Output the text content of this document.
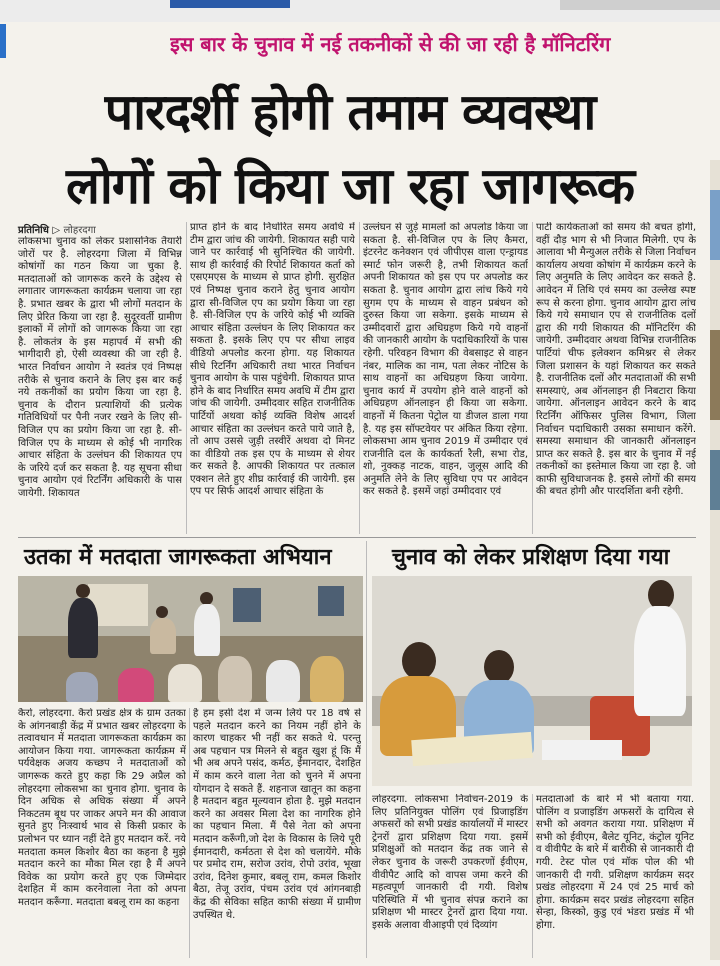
इस बार के चुनाव में नई तकनीकों से की जा रही है मॉनिटरिंग
पारदर्शी होगी तमाम व्यवस्था
लोगों को किया जा रहा जागरूक
प्रतिनिधि ▷ लोहरदगा
लोकसभा चुनाव को लेकर प्रशासनिक तैयारी जोरों पर है. लोहरदगा जिला में विभिन्न कोषांगों का गठन किया जा चुका है. मतदाताओं को जागरूक करने के उद्देश्य से लगातार जागरूकता कार्यक्रम चलाया जा रहा है. प्रभात खबर के द्वारा भी लोगों मतदान के लिए प्रेरित किया जा रहा है. सुदूरवर्ती ग्रामीण इलाकों में लोगों को जागरूक किया जा रहा है. लोकतंत्र के इस महापर्व में सभी की भागीदारी हो, ऐसी व्यवस्था की जा रही है. भारत निर्वाचन आयोग ने स्वतंत्र एवं निष्पक्ष तरीके से चुनाव कराने के लिए इस बार कई नये तकनीकों का प्रयोग किया जा रहा है. चुनाव के दौरान प्रत्याशियों की प्रत्येक गतिविधियों पर पैनी नजर रखने के लिए सी-विजिल एप का प्रयोग किया जा रहा है. सी-विजिल एप के माध्यम से कोई भी नागरिक आचार संहिता के उल्लंघन की शिकायत एप के जरिये दर्ज कर सकता है. यह सूचना सीधा चुनाव आयोग एवं रिटर्निंग अधिकारी के पास जायेगी. शिकायत
प्राप्त होने के बाद निर्धारित समय अवधि में टीम द्वारा जांच की जायेगी. शिकायत सही पाये जाने पर कार्रवाई भी सुनिश्चित की जायेगी. साथ ही कार्रवाई की रिपोर्ट शिकायत कर्ता को एसएमएस के माध्यम से प्राप्त होगी. सुरक्षित एवं निष्पक्ष चुनाव कराने हेतु चुनाव आयोग द्वारा सी-विजिल एप का प्रयोग किया जा रहा है. सी-विजिल एप के जरिये कोई भी व्यक्ति आचार संहिता उल्लंघन के लिए शिकायत कर सकता है. इसके लिए एप पर सीधा लाइव वीडियो अपलोड करना होगा. यह शिकायत सीधे रिटर्निंग अधिकारी तथा भारत निर्वाचन चुनाव आयोग के पास पहुंचेगी. शिकायत प्राप्त होने के बाद निर्धारित समय अवधि में टीम द्वारा जांच की जायेगी. उम्मीदवार सहित राजनीतिक पार्टियों अथवा कोई व्यक्ति विशेष आदर्श आचार संहिता का उल्लंघन करते पाये जाते है, तो आप उससे जुड़ी तस्वीरें अथवा दो मिनट का वीडियो तक इस एप के माध्यम से शेयर कर सकते है. आपकी शिकायत पर तत्काल एक्शन लेते हुए शीघ्र कार्रवाई की जायेगी. इस एप पर सिर्फ आदर्श आचार संहिता के
उल्लंघन से जुड़े मामलों को अपलोड किया जा सकता है. सी-विजिल एप के लिए कैमरा, इंटरनेट कनेक्शन एवं जीपीएस वाला एन्ड्रायड स्मार्ट फोन जरूरी है, तभी शिकायत कर्ता अपनी शिकायत को इस एप पर अपलोड कर सकता है. चुनाव आयोग द्वारा लांच किये गये सुगम एप के माध्यम से वाहन प्रबंधन को दुरुस्त किया जा सकेगा. इसके माध्यम से उम्मीदवारों द्वारा अधिग्रहण किये गये वाहनों की जानकारी आयोग के पदाधिकारियों के पास रहेगी. परिवहन विभाग की वेबसाइट से वाहन नंबर, मालिक का नाम, पता लेकर नोटिस के साथ वाहनों का अधिग्रहण किया जायेगा. चुनाव कार्य में उपयोग होने वाले वाहनों को अधिग्रहण ऑनलाइन ही किया जा सकेगा. वाहनों में कितना पेट्रोल या डीजल डाला गया है. यह इस सॉफ्टवेयर पर अंकित किया रहेगा. लोकसभा आम चुनाव 2019 में उम्मीदार एवं राजनीति दल के कार्यकर्ता रैली, सभा रोड, शो, नुक्कड़ नाटक, वाहन, जुलूस आदि की अनुमति लेने के लिए सुविधा एप पर आवेदन कर सकते है. इसमें जहां उम्मीदवार एवं
पार्टी कार्यकताओं को समय की बचत होगी, वहीं दौड़ भाग से भी निजात मिलेगी. एप के आलावा भी मैन्युअल तरीके से जिला निर्वाचन कार्यालय अथवा कोषांग में कार्यक्रम करने के लिए अनुमति के लिए आवेदन कर सकते है. आवेदन में तिथि एवं समय का उल्लेख स्पष्ट रूप से करना होगा. चुनाव आयोग द्वारा लांच किये गये समाधान एप से राजनीतिक दलों द्वारा की गयी शिकायत की मॉनिटरिंग की जायेगी. उम्मीदवार अथवा विभिन्न राजनीतिक पार्टियां चीफ इलेक्शन कमिश्नर से लेकर जिला प्रशासन के यहां शिकायत कर सकते है. राजनीतिक दलों और मतदाताओं की सभी समस्याएं, अब ऑनलाइन ही निबटारा किया जायेगा. ऑनलाइन आवेदन करने के बाद रिटर्निंग ऑफिसर पुलिस विभाग, जिला निर्वाचन पदाधिकारी उसका समाधान करेंगे. समस्या समाधान की जानकारी ऑनलाइन प्राप्त कर सकते है. इस बार के चुनाव में नई तकनीकों का इस्तेमाल किया जा रहा है. जो काफी सुविधाजनक है. इससे लोगों की समय की बचत होगी और पारदर्शिता बनी रहेगी.
उतका में मतदाता जागरूकता अभियान
कैरो, लोहरदगा. कैरो प्रखंड क्षेत्र के ग्राम उतका के आंगनबाड़ी केंद्र में प्रभात खबर लोहरदगा के तत्वावधान में मतदाता जागरूकता कार्यक्रम का आयोजन किया गया. जागरूकता कार्यक्रम में पर्यवेक्षक अजय कच्छप ने मतदाताओं को जागरूक करते हुए कहा कि 29 अप्रैल को लोहरदगा लोकसभा का चुनाव होगा. चुनाव के दिन अधिक से अधिक संख्या में अपने निकटतम बूथ पर जाकर अपने मन की आवाज सुनते हुए निःस्वार्थ भाव से किसी प्रकार के प्रलोभन पर ध्यान नहीं देते हुए मतदान करें. नये मतदाता कमल किशोर बैठा का कहना है मुझे मतदान करने का मौका मिल रहा है मैं अपने विवेक का प्रयोग करते हुए एक जिम्मेदार देशहित में काम करनेवाला नेता को अपना मतदान करूँगा. मतदाता बबलू राम का कहना
है हम इसी देश में जन्म लिये पर 18 वर्ष से पहले मतदान करने का नियम नहीं होने के कारण चाहकर भी नहीं कर सकते थे. परन्तु अब पहचान पत्र मिलने से बहुत खुश हूं कि मैं भी अब अपने पसंद, कर्मठ, ईमानदार, देशहित में काम करने वाला नेता को चुनने में अपना योगदान दे सकते हैं. शहनाज खातून का कहना है मतदान बहुत मूल्यवान होता है. मुझे मतदान करने का अवसर मिला देश का नागरिक होने का पहचान मिला. मैं पैसे नेता को अपना मतदान करूँगी,जो देश के विकास के लिये पूरी ईमानदारी, कर्मठता से देश को चलायेंगे. मौके पर प्रमोद राम, सरोज उरांव, रोपो उरांव, भूखा उरांव, दिनेश कुमार, बबलू राम, कमल किशोर बैठा, तेजू उरांव, पंचम उरांव एवं आंगनबाड़ी केंद्र की सेविका सहित काफी संख्या में ग्रामीण उपस्थित थे.
चुनाव को लेकर प्रशिक्षण दिया गया
लोहरदगा. लोकसभा निर्वाचन-2019 के लिए प्रतिनियुक्त पोलिंग एवं प्रिजाइडिंग अफसरों को सभी प्रखंड कार्यालयों में मास्टर ट्रेनरों द्वारा प्रशिक्षण दिया गया. इसमें प्रशिक्षुओं को मतदान केंद्र तक जाने से लेकर चुनाव के जरूरी उपकरणों ईवीएम, वीवीपैट आदि को वापस जमा करने की महत्वपूर्ण जानकारी दी गयी. विशेष परिस्थिति में भी चुनाव संपन्न कराने का प्रशिक्षण भी मास्टर ट्रेनरों द्वारा दिया गया. इसके अलावा वीआइपी एवं दिव्यांग
मतदाताओं के बारे में भी बताया गया. पोलिंग व प्रजाइडिंग अफसरों के दायित्व से सभी को अवगत कराया गया. प्रशिक्षण में सभी को ईवीएम, बैलेट यूनिट, कंट्रोल यूनिट व वीवीपैट के बारे में बारीकी से जानकारी दी गयी. टेस्ट पोल एवं मॉक पोल की भी जानकारी दी गयी. प्रशिक्षण कार्यक्रम सदर प्रखंड लोहरदगा में 24 एवं 25 मार्च को होगा. कार्यक्रम सदर प्रखंड लोहरदगा सहित सेन्हा, किस्को, कुडु एवं भंडरा प्रखंड में भी होगा.
